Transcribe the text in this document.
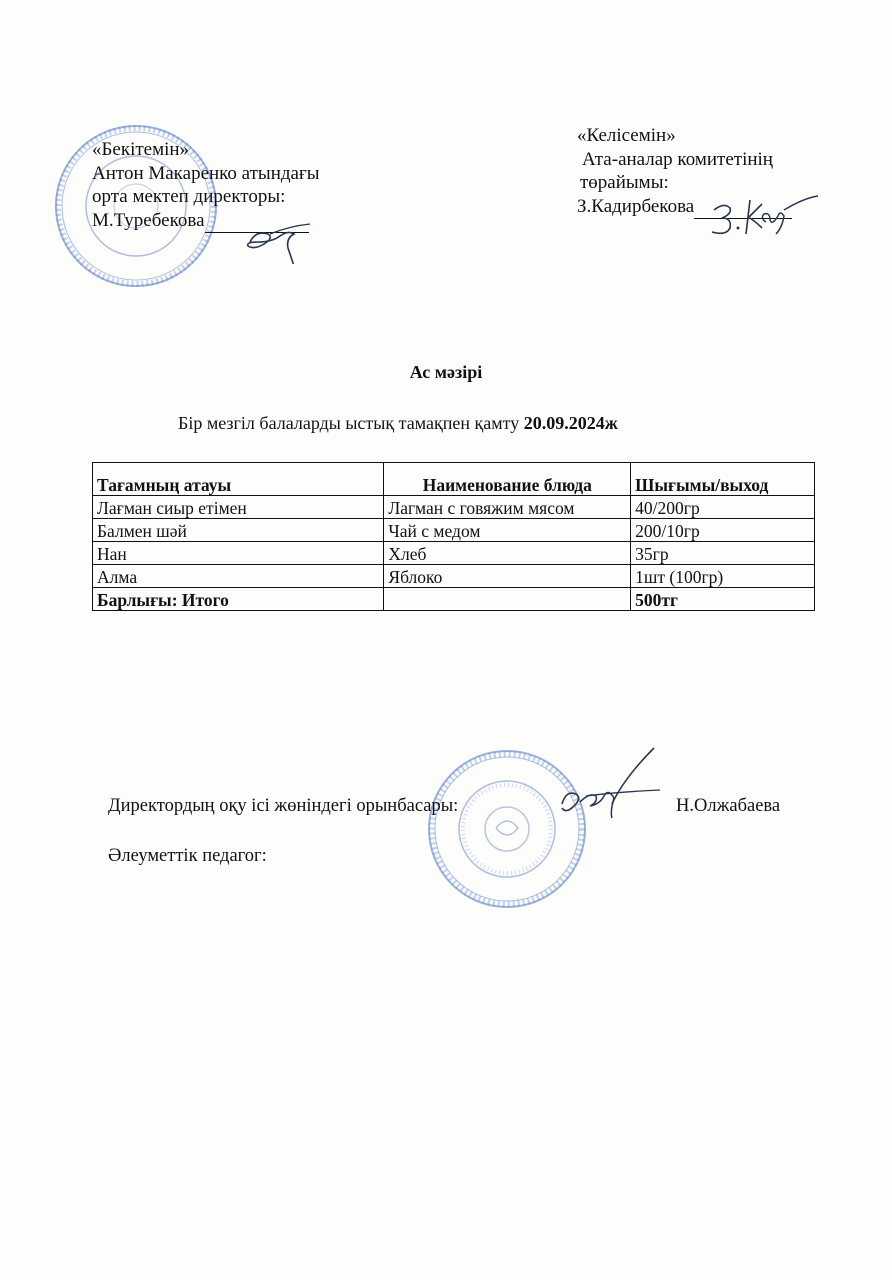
«Бекітемін»
Антон Макаренко атындағы
орта мектеп директоры:
М.Туребекова
«Келісемін»
Ата-аналар комитетінің
төрайымы:
З.Кадирбекова
Ас мәзірі
Бір мезгіл балаларды ыстық тамақпен қамту 20.09.2024ж
Тағамның атауы	Наименование блюда	Шығымы/выход
Лағман сиыр етімен	Лагман с говяжим мясом	40/200гр
Балмен шәй	Чай с медом	200/10гр
Нан	Хлеб	35гр
Алма	Яблоко	1шт (100гр)
Барлығы: Итого		500тг
Директордың оқу ісі жөніндегі орынбасары:	Н.Олжабаева
Әлеуметтік педагог:
